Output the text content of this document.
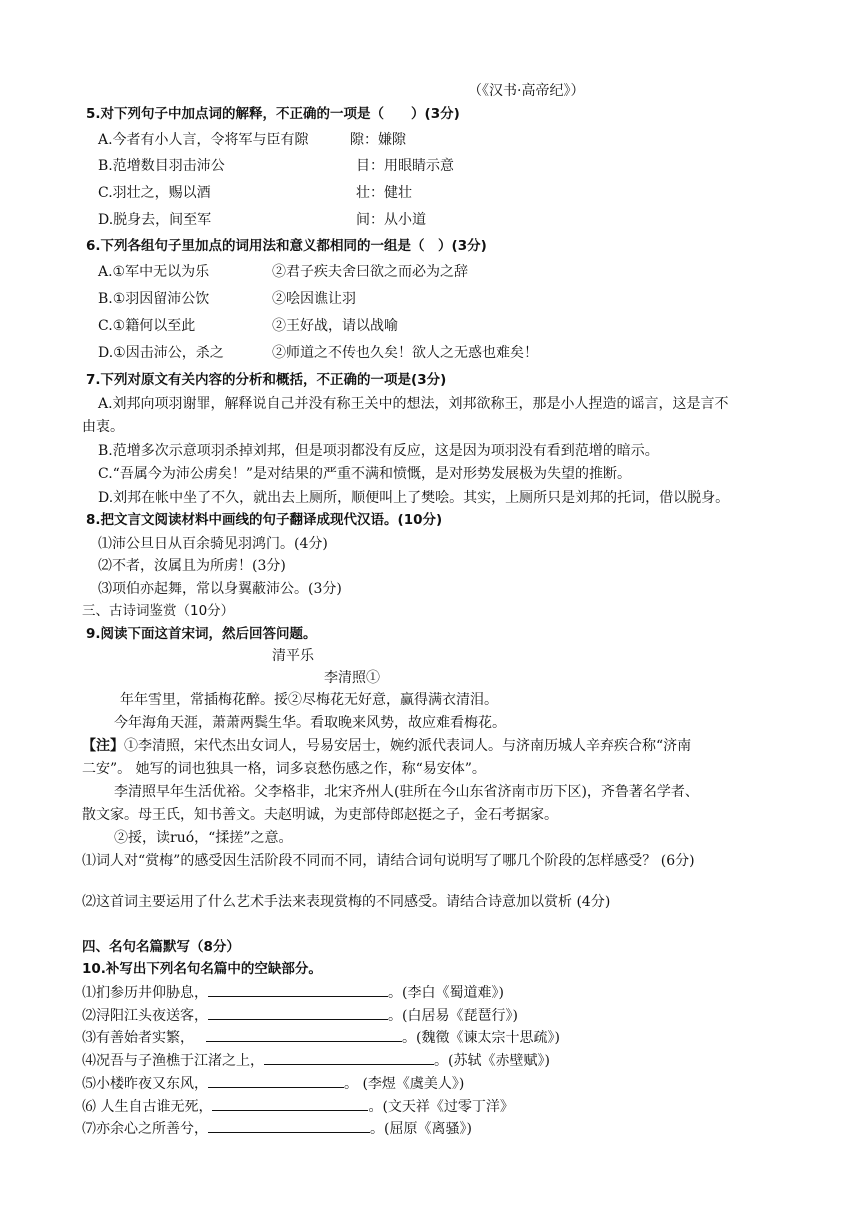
（《汉书·高帝纪》）
5.对下列句子中加点词的解释，不正确的一项是（　　）(3分)
A.今者有小人言，令将军与臣有隙	隙：嫌隙
B.范增数目羽击沛公	目：用眼睛示意
C.羽壮之，赐以酒	壮：健壮
D.脱身去，间至军	间：从小道
6.下列各组句子里加点的词用法和意义都相同的一组是（　）(3分)
A.①军中无以为乐	②君子疾夫舍曰欲之而必为之辞
B.①羽因留沛公饮	②哙因谯让羽
C.①籍何以至此	②王好战，请以战喻
D.①因击沛公，杀之	②师道之不传也久矣！欲人之无惑也难矣！
7.下列对原文有关内容的分析和概括，不正确的一项是(3分)
A.刘邦向项羽谢罪，解释说自己并没有称王关中的想法，刘邦欲称王，那是小人捏造的谣言，这是言不
由衷。
B.范增多次示意项羽杀掉刘邦，但是项羽都没有反应，这是因为项羽没有看到范增的暗示。
C.“吾属今为沛公虏矣！”是对结果的严重不满和愤慨，是对形势发展极为失望的推断。
D.刘邦在帐中坐了不久，就出去上厕所，顺便叫上了樊哙。其实，上厕所只是刘邦的托词，借以脱身。
8.把文言文阅读材料中画线的句子翻译成现代汉语。(10分)
⑴沛公旦日从百余骑见羽鸿门。(4分)
⑵不者，汝属且为所虏！(3分)
⑶项伯亦起舞，常以身翼蔽沛公。(3分)
三、古诗词鉴赏（10分）
9.阅读下面这首宋词，然后回答问题。
清平乐
李清照①
年年雪里，常插梅花醉。挼②尽梅花无好意，赢得满衣清泪。
今年海角天涯，萧萧两鬓生华。看取晚来风势，故应难看梅花。
【注】①李清照，宋代杰出女词人，号易安居士，婉约派代表词人。与济南历城人辛弃疾合称“济南
二安”。 她写的词也独具一格，词多哀愁伤感之作，称“易安体”。
李清照早年生活优裕。父李格非，北宋齐州人(驻所在今山东省济南市历下区)，齐鲁著名学者、
散文家。母王氏，知书善文。夫赵明诚，为吏部侍郎赵挺之子，金石考据家。
②挼，读ruó，“揉搓”之意。
⑴词人对“赏梅”的感受因生活阶段不同而不同，请结合词句说明写了哪几个阶段的怎样感受？ (6分)
⑵这首词主要运用了什么艺术手法来表现赏梅的不同感受。请结合诗意加以赏析 (4分)
四、名句名篇默写（8分）
10.补写出下列名句名篇中的空缺部分。
⑴扪参历井仰胁息，	。(李白《蜀道难》)
⑵浔阳江头夜送客，	。(白居易《琵琶行》)
⑶有善始者实繁，	。(魏徵《谏太宗十思疏》)
⑷况吾与子渔樵于江渚之上，	。(苏轼《赤壁赋》)
⑸小楼昨夜又东风，	。 (李煜《虞美人》)
⑹ 人生自古谁无死，	。(文天祥《过零丁洋》
⑺亦余心之所善兮，	。(屈原《离骚》)
